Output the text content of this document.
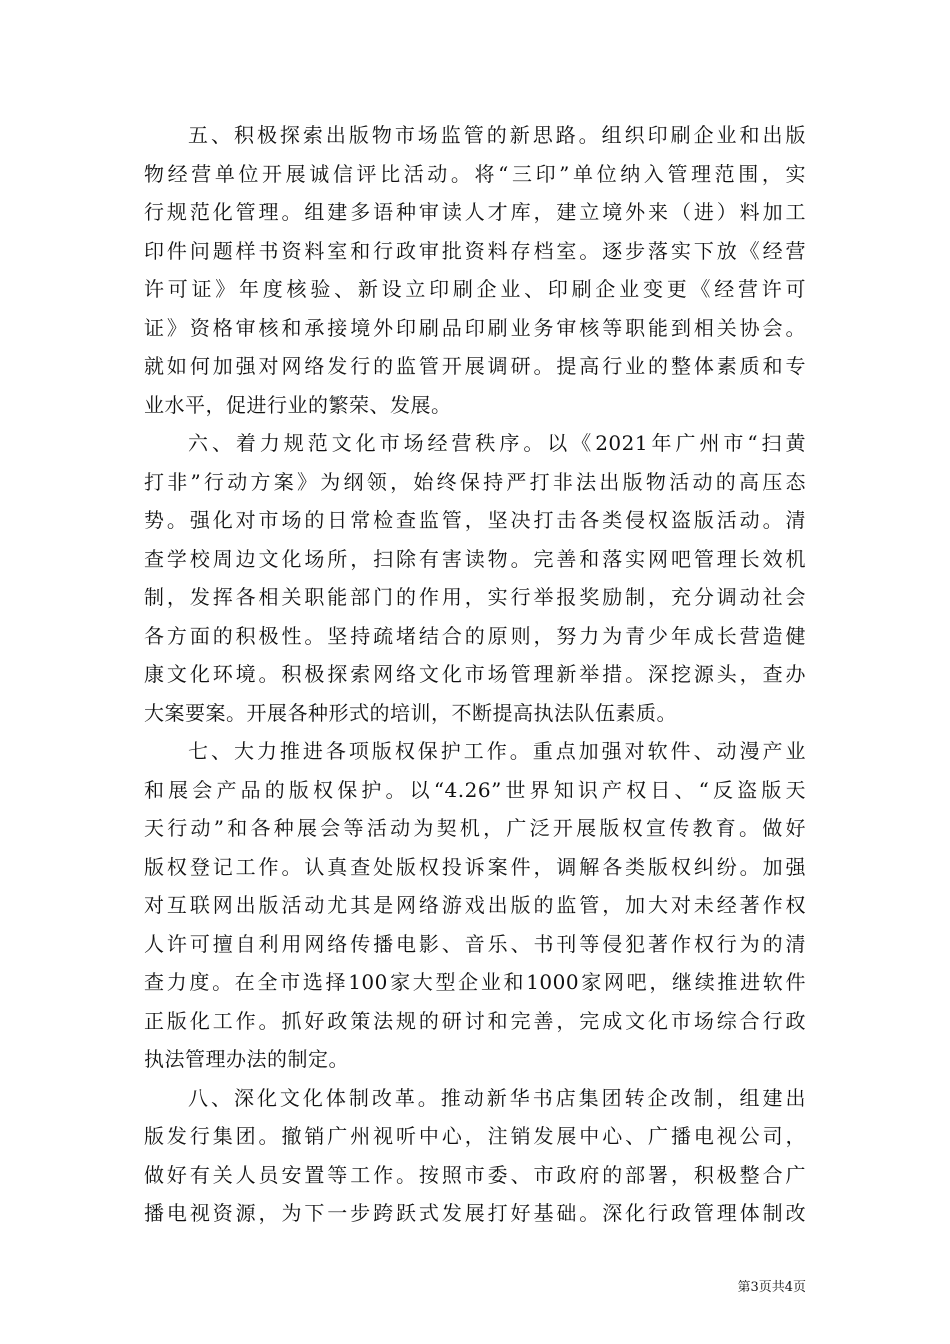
五、积极探索出版物市场监管的新思路。组织印刷企业和出版
物经营单位开展诚信评比活动。将“三印”单位纳入管理范围，实
行规范化管理。组建多语种审读人才库，建立境外来（进）料加工
印件问题样书资料室和行政审批资料存档室。逐步落实下放《经营
许可证》年度核验、新设立印刷企业、印刷企业变更《经营许可
证》资格审核和承接境外印刷品印刷业务审核等职能到相关协会。
就如何加强对网络发行的监管开展调研。提高行业的整体素质和专
业水平，促进行业的繁荣、发展。
六、着力规范文化市场经营秩序。以《2021年广州市“扫黄
打非”行动方案》为纲领，始终保持严打非法出版物活动的高压态
势。强化对市场的日常检查监管，坚决打击各类侵权盗版活动。清
查学校周边文化场所，扫除有害读物。完善和落实网吧管理长效机
制，发挥各相关职能部门的作用，实行举报奖励制，充分调动社会
各方面的积极性。坚持疏堵结合的原则，努力为青少年成长营造健
康文化环境。积极探索网络文化市场管理新举措。深挖源头，查办
大案要案。开展各种形式的培训，不断提高执法队伍素质。
七、大力推进各项版权保护工作。重点加强对软件、动漫产业
和展会产品的版权保护。以“4.26”世界知识产权日、“反盗版天
天行动”和各种展会等活动为契机，广泛开展版权宣传教育。做好
版权登记工作。认真查处版权投诉案件，调解各类版权纠纷。加强
对互联网出版活动尤其是网络游戏出版的监管，加大对未经著作权
人许可擅自利用网络传播电影、音乐、书刊等侵犯著作权行为的清
查力度。在全市选择100家大型企业和1000家网吧，继续推进软件
正版化工作。抓好政策法规的研讨和完善，完成文化市场综合行政
执法管理办法的制定。
八、深化文化体制改革。推动新华书店集团转企改制，组建出
版发行集团。撤销广州视听中心，注销发展中心、广播电视公司，
做好有关人员安置等工作。按照市委、市政府的部署，积极整合广
播电视资源，为下一步跨跃式发展打好基础。深化行政管理体制改
第3页共4页
